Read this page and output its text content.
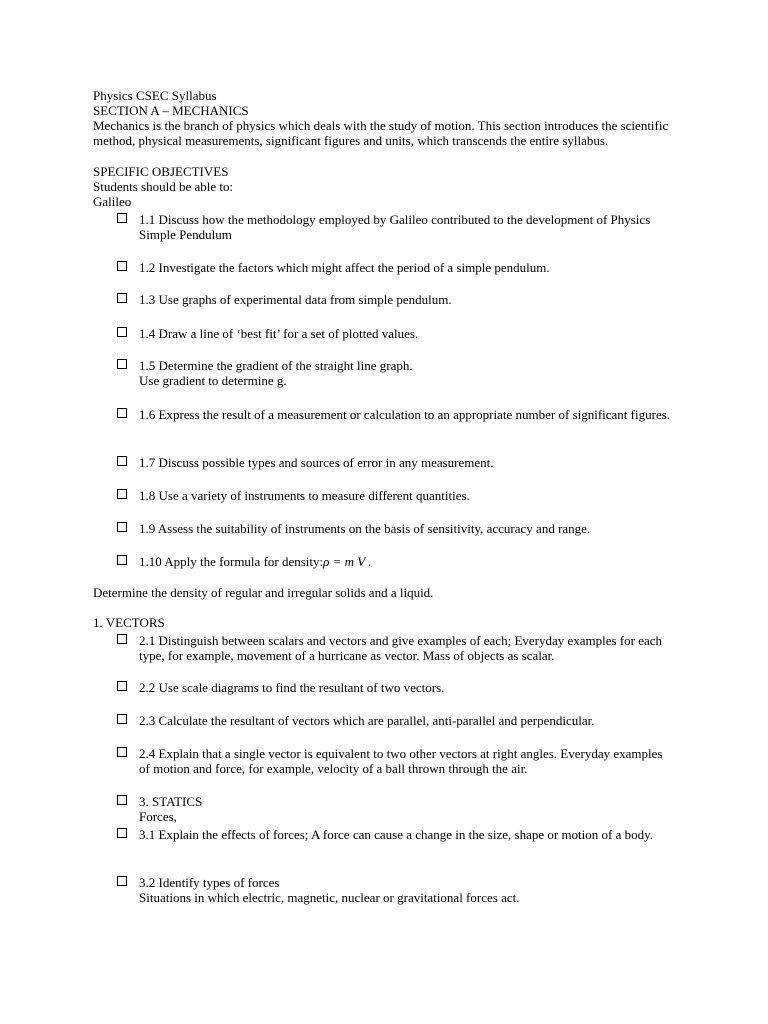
Physics CSEC Syllabus
SECTION A – MECHANICS
Mechanics is the branch of physics which deals with the study of motion. This section introduces the scientific method, physical measurements, significant figures and units, which transcends the entire syllabus.
SPECIFIC OBJECTIVES
Students should be able to:
Galileo
1.1 Discuss how the methodology employed by Galileo contributed to the development of Physics
Simple Pendulum
1.2 Investigate the factors which might affect the period of a simple pendulum.
1.3 Use graphs of experimental data from simple pendulum.
1.4 Draw a line of ‘best fit’ for a set of plotted values.
1.5 Determine the gradient of the straight line graph.
Use gradient to determine g.
1.6 Express the result of a measurement or calculation to an appropriate number of significant figures.
1.7 Discuss possible types and sources of error in any measurement.
1.8 Use a variety of instruments to measure different quantities.
1.9 Assess the suitability of instruments on the basis of sensitivity, accuracy and range.
1.10 Apply the formula for density:ρ = m V .
Determine the density of regular and irregular solids and a liquid.
1. VECTORS
2.1 Distinguish between scalars and vectors and give examples of each; Everyday examples for each type, for example, movement of a hurricane as vector. Mass of objects as scalar.
2.2 Use scale diagrams to find the resultant of two vectors.
2.3 Calculate the resultant of vectors which are parallel, anti-parallel and perpendicular.
2.4 Explain that a single vector is equivalent to two other vectors at right angles. Everyday examples of motion and force, for example, velocity of a ball thrown through the air.
3. STATICS
Forces,
3.1 Explain the effects of forces; A force can cause a change in the size, shape or motion of a body.
3.2 Identify types of forces
Situations in which electric, magnetic, nuclear or gravitational forces act.
